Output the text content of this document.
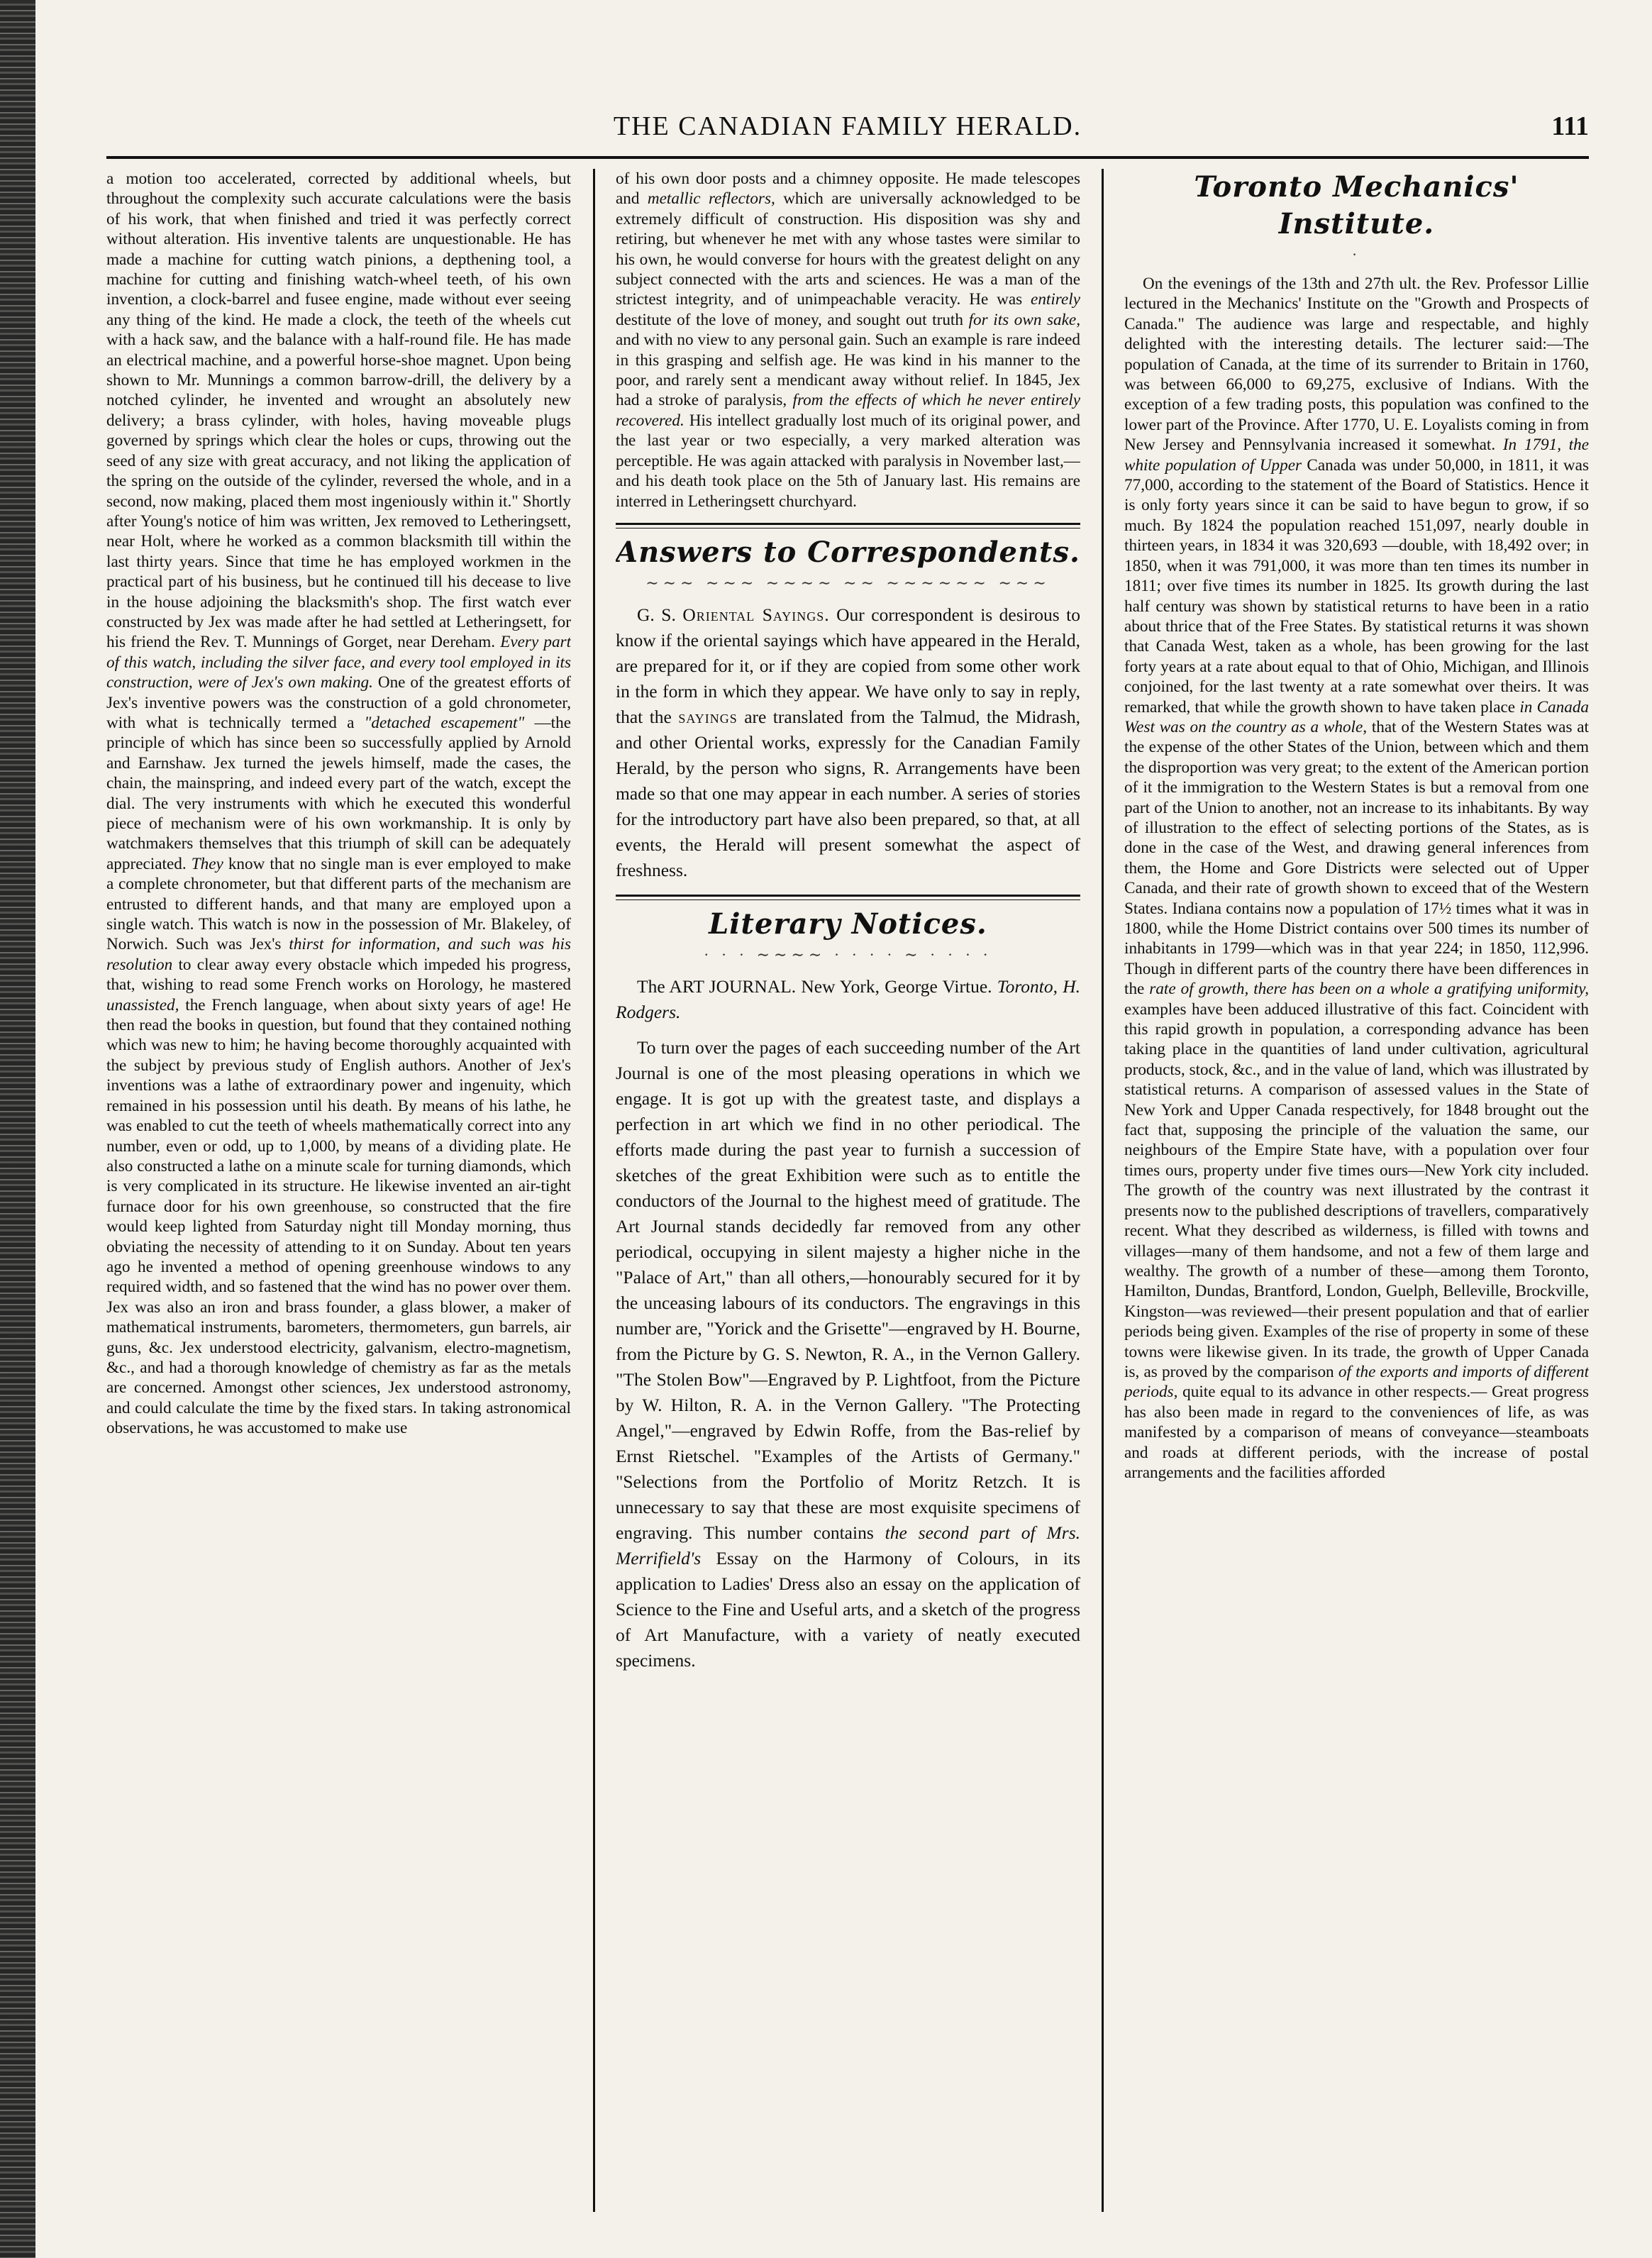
THE CANADIAN FAMILY HERALD.	111

a motion too accelerated, corrected by additional wheels, but throughout the complexity such accurate calculations were the basis of his work, that when finished and tried it was perfectly correct without alteration. His inventive talents are unquestionable. He has made a machine for cutting watch pinions, a depthening tool, a machine for cutting and finishing watch-wheel teeth, of his own invention, a clock-barrel and fusee engine, made without ever seeing any thing of the kind. He made a clock, the teeth of the wheels cut with a hack saw, and the balance with a half-round file. He has made an electrical machine, and a powerful horse-shoe magnet. Upon being shown to Mr. Munnings a common barrow-drill, the delivery by a notched cylinder, he invented and wrought an absolutely new delivery; a brass cylinder, with holes, having moveable plugs governed by springs which clear the holes or cups, throwing out the seed of any size with great accuracy, and not liking the application of the spring on the outside of the cylinder, reversed the whole, and in a second, now making, placed them most ingeniously within it." Shortly after Young's notice of him was written, Jex removed to Letheringsett, near Holt, where he worked as a common blacksmith till within the last thirty years. Since that time he has employed workmen in the practical part of his business, but he continued till his decease to live in the house adjoining the blacksmith's shop. The first watch ever constructed by Jex was made after he had settled at Letheringsett, for his friend the Rev. T. Munnings of Gorget, near Dereham. Every part of this watch, including the silver face, and every tool employed in its construction, were of Jex's own making. One of the greatest efforts of Jex's inventive powers was the construction of a gold chronometer, with what is technically termed a "detached escapement" —the principle of which has since been so successfully applied by Arnold and Earnshaw. Jex turned the jewels himself, made the cases, the chain, the mainspring, and indeed every part of the watch, except the dial. The very instruments with which he executed this wonderful piece of mechanism were of his own workmanship. It is only by watchmakers themselves that this triumph of skill can be adequately appreciated. They know that no single man is ever employed to make a complete chronometer, but that different parts of the mechanism are entrusted to different hands, and that many are employed upon a single watch. This watch is now in the possession of Mr. Blakeley, of Norwich. Such was Jex's thirst for information, and such was his resolution to clear away every obstacle which impeded his progress, that, wishing to read some French works on Horology, he mastered unassisted, the French language, when about sixty years of age! He then read the books in question, but found that they contained nothing which was new to him; he having become thoroughly acquainted with the subject by previous study of English authors. Another of Jex's inventions was a lathe of extraordinary power and ingenuity, which remained in his possession until his death. By means of his lathe, he was enabled to cut the teeth of wheels mathematically correct into any number, even or odd, up to 1,000, by means of a dividing plate. He also constructed a lathe on a minute scale for turning diamonds, which is very complicated in its structure. He likewise invented an air-tight furnace door for his own greenhouse, so constructed that the fire would keep lighted from Saturday night till Monday morning, thus obviating the necessity of attending to it on Sunday. About ten years ago he invented a method of opening greenhouse windows to any required width, and so fastened that the wind has no power over them. Jex was also an iron and brass founder, a glass blower, a maker of mathematical instruments, barometers, thermometers, gun barrels, air guns, &c. Jex understood electricity, galvanism, electro-magnetism, &c., and had a thorough knowledge of chemistry as far as the metals are concerned. Amongst other sciences, Jex understood astronomy, and could calculate the time by the fixed stars. In taking astronomical observations, he was accustomed to make use

of his own door posts and a chimney opposite. He made telescopes and metallic reflectors, which are universally acknowledged to be extremely difficult of construction. His disposition was shy and retiring, but whenever he met with any whose tastes were similar to his own, he would converse for hours with the greatest delight on any subject connected with the arts and sciences. He was a man of the strictest integrity, and of unimpeachable veracity. He was entirely destitute of the love of money, and sought out truth for its own sake, and with no view to any personal gain. Such an example is rare indeed in this grasping and selfish age. He was kind in his manner to the poor, and rarely sent a mendicant away without relief. In 1845, Jex had a stroke of paralysis, from the effects of which he never entirely recovered. His intellect gradually lost much of its original power, and the last year or two especially, a very marked alteration was perceptible. He was again attacked with paralysis in November last,— and his death took place on the 5th of January last. His remains are interred in Letheringsett churchyard.

Answers to Correspondents.
∼∼∼ ∼∼∼ ∼∼∼∼ ∼∼ ∼∼∼∼∼∼ ∼∼∼

G. S. Oriental Sayings. Our correspondent is desirous to know if the oriental sayings which have appeared in the Herald, are prepared for it, or if they are copied from some other work in the form in which they appear. We have only to say in reply, that the sayings are translated from the Talmud, the Midrash, and other Oriental works, expressly for the Canadian Family Herald, by the person who signs, R. Arrangements have been made so that one may appear in each number. A series of stories for the introductory part have also been prepared, so that, at all events, the Herald will present somewhat the aspect of freshness.

Literary Notices.
· · · ∼∼∼∼ · · · · ∼ · · · ·

The ART JOURNAL. New York, George Virtue. Toronto, H. Rodgers.

To turn over the pages of each succeeding number of the Art Journal is one of the most pleasing operations in which we engage. It is got up with the greatest taste, and displays a perfection in art which we find in no other periodical. The efforts made during the past year to furnish a succession of sketches of the great Exhibition were such as to entitle the conductors of the Journal to the highest meed of gratitude. The Art Journal stands decidedly far removed from any other periodical, occupying in silent majesty a higher niche in the "Palace of Art," than all others,—honourably secured for it by the unceasing labours of its conductors. The engravings in this number are, "Yorick and the Grisette"—engraved by H. Bourne, from the Picture by G. S. Newton, R. A., in the Vernon Gallery. "The Stolen Bow"—Engraved by P. Lightfoot, from the Picture by W. Hilton, R. A. in the Vernon Gallery. "The Protecting Angel,"—engraved by Edwin Roffe, from the Bas-relief by Ernst Rietschel. "Examples of the Artists of Germany." "Selections from the Portfolio of Moritz Retzch. It is unnecessary to say that these are most exquisite specimens of engraving. This number contains the second part of Mrs. Merrifield's Essay on the Harmony of Colours, in its application to Ladies' Dress also an essay on the application of Science to the Fine and Useful arts, and a sketch of the progress of Art Manufacture, with a variety of neatly executed specimens.

Toronto Mechanics' Institute.
·

On the evenings of the 13th and 27th ult. the Rev. Professor Lillie lectured in the Mechanics' Institute on the "Growth and Prospects of Canada." The audience was large and respectable, and highly delighted with the interesting details. The lecturer said:—The population of Canada, at the time of its surrender to Britain in 1760, was between 66,000 to 69,275, exclusive of Indians. With the exception of a few trading posts, this population was confined to the lower part of the Province. After 1770, U. E. Loyalists coming in from New Jersey and Pennsylvania increased it somewhat. In 1791, the white population of Upper Canada was under 50,000, in 1811, it was 77,000, according to the statement of the Board of Statistics. Hence it is only forty years since it can be said to have begun to grow, if so much. By 1824 the population reached 151,097, nearly double in thirteen years, in 1834 it was 320,693 —double, with 18,492 over; in 1850, when it was 791,000, it was more than ten times its number in 1811; over five times its number in 1825. Its growth during the last half century was shown by statistical returns to have been in a ratio about thrice that of the Free States. By statistical returns it was shown that Canada West, taken as a whole, has been growing for the last forty years at a rate about equal to that of Ohio, Michigan, and Illinois conjoined, for the last twenty at a rate somewhat over theirs. It was remarked, that while the growth shown to have taken place in Canada West was on the country as a whole, that of the Western States was at the expense of the other States of the Union, between which and them the disproportion was very great; to the extent of the American portion of it the immigration to the Western States is but a removal from one part of the Union to another, not an increase to its inhabitants. By way of illustration to the effect of selecting portions of the States, as is done in the case of the West, and drawing general inferences from them, the Home and Gore Districts were selected out of Upper Canada, and their rate of growth shown to exceed that of the Western States. Indiana contains now a population of 17½ times what it was in 1800, while the Home District contains over 500 times its number of inhabitants in 1799—which was in that year 224; in 1850, 112,996. Though in different parts of the country there have been differences in the rate of growth, there has been on a whole a gratifying uniformity, examples have been adduced illustrative of this fact. Coincident with this rapid growth in population, a corresponding advance has been taking place in the quantities of land under cultivation, agricultural products, stock, &c., and in the value of land, which was illustrated by statistical returns. A comparison of assessed values in the State of New York and Upper Canada respectively, for 1848 brought out the fact that, supposing the principle of the valuation the same, our neighbours of the Empire State have, with a population over four times ours, property under five times ours—New York city included. The growth of the country was next illustrated by the contrast it presents now to the published descriptions of travellers, comparatively recent. What they described as wilderness, is filled with towns and villages—many of them handsome, and not a few of them large and wealthy. The growth of a number of these—among them Toronto, Hamilton, Dundas, Brantford, London, Guelph, Belleville, Brockville, Kingston—was reviewed—their present population and that of earlier periods being given. Examples of the rise of property in some of these towns were likewise given. In its trade, the growth of Upper Canada is, as proved by the comparison of the exports and imports of different periods, quite equal to its advance in other respects.— Great progress has also been made in regard to the conveniences of life, as was manifested by a comparison of means of conveyance—steamboats and roads at different periods, with the increase of postal arrangements and the facilities afforded
